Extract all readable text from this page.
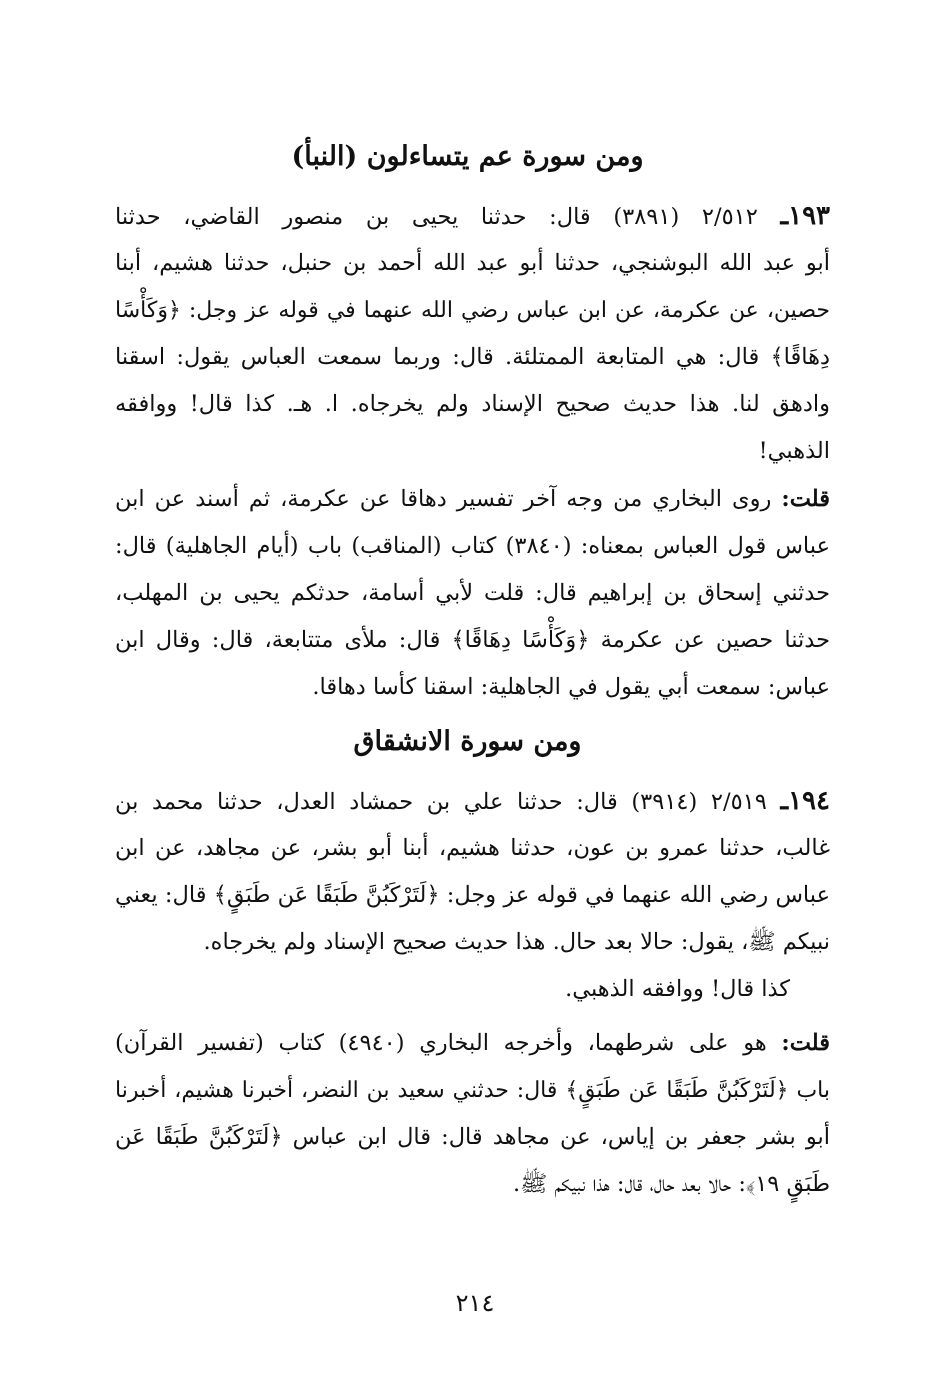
ومن سورة عم يتساءلون (النبأ)
١٩٣ـ ٢/٥١٢ (٣٨٩١) قال: حدثنا يحيى بن منصور القاضي، حدثنا
أبو عبد الله البوشنجي، حدثنا أبو عبد الله أحمد بن حنبل، حدثنا هشيم، أبنا
حصين، عن عكرمة، عن ابن عباس رضي الله عنهما في قوله عز وجل: ﴿وَكَأْسًا
دِهَاقًا﴾ قال: هي المتابعة الممتلئة. قال: وربما سمعت العباس يقول: اسقنا
وادهق لنا. هذا حديث صحيح الإسناد ولم يخرجاه. ا. هـ. كذا قال! ووافقه
الذهبي!
قلت: روى البخاري من وجه آخر تفسير دهاقا عن عكرمة، ثم أسند عن ابن
عباس قول العباس بمعناه: (٣٨٤٠) كتاب (المناقب) باب (أيام الجاهلية) قال:
حدثني إسحاق بن إبراهيم قال: قلت لأبي أسامة، حدثكم يحيى بن المهلب،
حدثنا حصين عن عكرمة ﴿وَكَأْسًا دِهَاقًا﴾ قال: ملأى متتابعة، قال: وقال ابن
عباس: سمعت أبي يقول في الجاهلية: اسقنا كأسا دهاقا.
ومن سورة الانشقاق
١٩٤ـ ٢/٥١٩ (٣٩١٤) قال: حدثنا علي بن حمشاد العدل، حدثنا محمد بن
غالب، حدثنا عمرو بن عون، حدثنا هشيم، أبنا أبو بشر، عن مجاهد، عن ابن
عباس رضي الله عنهما في قوله عز وجل: ﴿لَتَرْكَبُنَّ طَبَقًا عَن طَبَقٍ﴾ قال: يعني
نبيكم ﷺ، يقول: حالا بعد حال. هذا حديث صحيح الإسناد ولم يخرجاه.
كذا قال! ووافقه الذهبي.
قلت: هو على شرطهما، وأخرجه البخاري (٤٩٤٠) كتاب (تفسير القرآن)
باب ﴿لَتَرْكَبُنَّ طَبَقًا عَن طَبَقٍ﴾ قال: حدثني سعيد بن النضر، أخبرنا هشيم، أخبرنا
أبو بشر جعفر بن إياس، عن مجاهد قال: قال ابن عباس ﴿لَتَرْكَبُنَّ طَبَقًا عَن
طَبَقٍ ١٩﴾: حالا بعد حال، قال: هذا نبيكم ﷺ.
٢١٤
